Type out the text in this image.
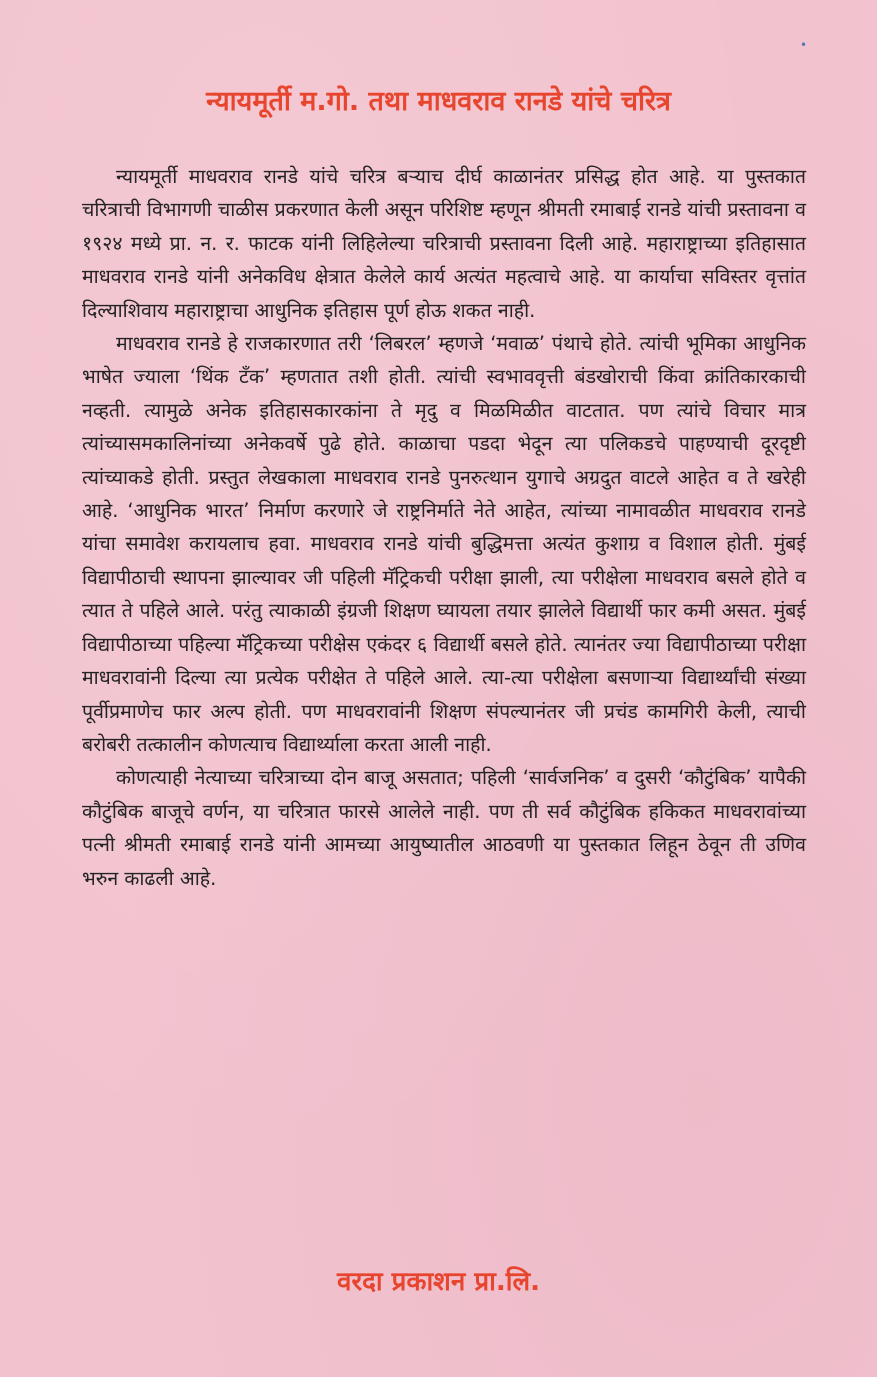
•
न्यायमूर्ती म.गो. तथा माधवराव रानडे यांचे चरित्र

न्यायमूर्ती माधवराव रानडे यांचे चरित्र बऱ्याच दीर्घ काळानंतर प्रसिद्ध होत आहे. या पुस्तकात चरित्राची विभागणी चाळीस प्रकरणात केली असून परिशिष्ट म्हणून श्रीमती रमाबाई रानडे यांची प्रस्तावना व १९२४ मध्ये प्रा. न. र. फाटक यांनी लिहिलेल्या चरित्राची प्रस्तावना दिली आहे. महाराष्ट्राच्या इतिहासात माधवराव रानडे यांनी अनेकविध क्षेत्रात केलेले कार्य अत्यंत महत्वाचे आहे. या कार्याचा सविस्तर वृत्तांत दिल्याशिवाय महाराष्ट्राचा आधुनिक इतिहास पूर्ण होऊ शकत नाही.

माधवराव रानडे हे राजकारणात तरी ‘लिबरल’ म्हणजे ‘मवाळ’ पंथाचे होते. त्यांची भूमिका आधुनिक भाषेत ज्याला ‘थिंक टँक’ म्हणतात तशी होती. त्यांची स्वभाववृत्ती बंडखोराची किंवा क्रांतिकारकाची नव्हती. त्यामुळे अनेक इतिहासकारकांना ते मृदु व मिळमिळीत वाटतात. पण त्यांचे विचार मात्र त्यांच्यासमकालिनांच्या अनेकवर्षे पुढे होते. काळाचा पडदा भेदून त्या पलिकडचे पाहण्याची दूरदृष्टी त्यांच्याकडे होती. प्रस्तुत लेखकाला माधवराव रानडे पुनरुत्थान युगाचे अग्रदुत वाटले आहेत व ते खरेही आहे. ‘आधुनिक भारत’ निर्माण करणारे जे राष्ट्रनिर्माते नेते आहेत, त्यांच्या नामावळीत माधवराव रानडे यांचा समावेश करायलाच हवा. माधवराव रानडे यांची बुद्धिमत्ता अत्यंत कुशाग्र व विशाल होती. मुंबई विद्यापीठाची स्थापना झाल्यावर जी पहिली मॅट्रिकची परीक्षा झाली, त्या परीक्षेला माधवराव बसले होते व त्यात ते पहिले आले. परंतु त्याकाळी इंग्रजी शिक्षण घ्यायला तयार झालेले विद्यार्थी फार कमी असत. मुंबई विद्यापीठाच्या पहिल्या मॅट्रिकच्या परीक्षेस एकंदर ६ विद्यार्थी बसले होते. त्यानंतर ज्या विद्यापीठाच्या परीक्षा माधवरावांनी दिल्या त्या प्रत्येक परीक्षेत ते पहिले आले. त्या-त्या परीक्षेला बसणाऱ्या विद्यार्थ्यांची संख्या पूर्वीप्रमाणेच फार अल्प होती. पण माधवरावांनी शिक्षण संपल्यानंतर जी प्रचंड कामगिरी केली, त्याची बरोबरी तत्कालीन कोणत्याच विद्यार्थ्याला करता आली नाही.

कोणत्याही नेत्याच्या चरित्राच्या दोन बाजू असतात; पहिली ‘सार्वजनिक’ व दुसरी ‘कौटुंबिक’ यापैकी कौटुंबिक बाजूचे वर्णन, या चरित्रात फारसे आलेले नाही. पण ती सर्व कौटुंबिक हकिकत माधवरावांच्या पत्नी श्रीमती रमाबाई रानडे यांनी आमच्या आयुष्यातील आठवणी या पुस्तकात लिहून ठेवून ती उणिव भरुन काढली आहे.

वरदा प्रकाशन प्रा.लि.
